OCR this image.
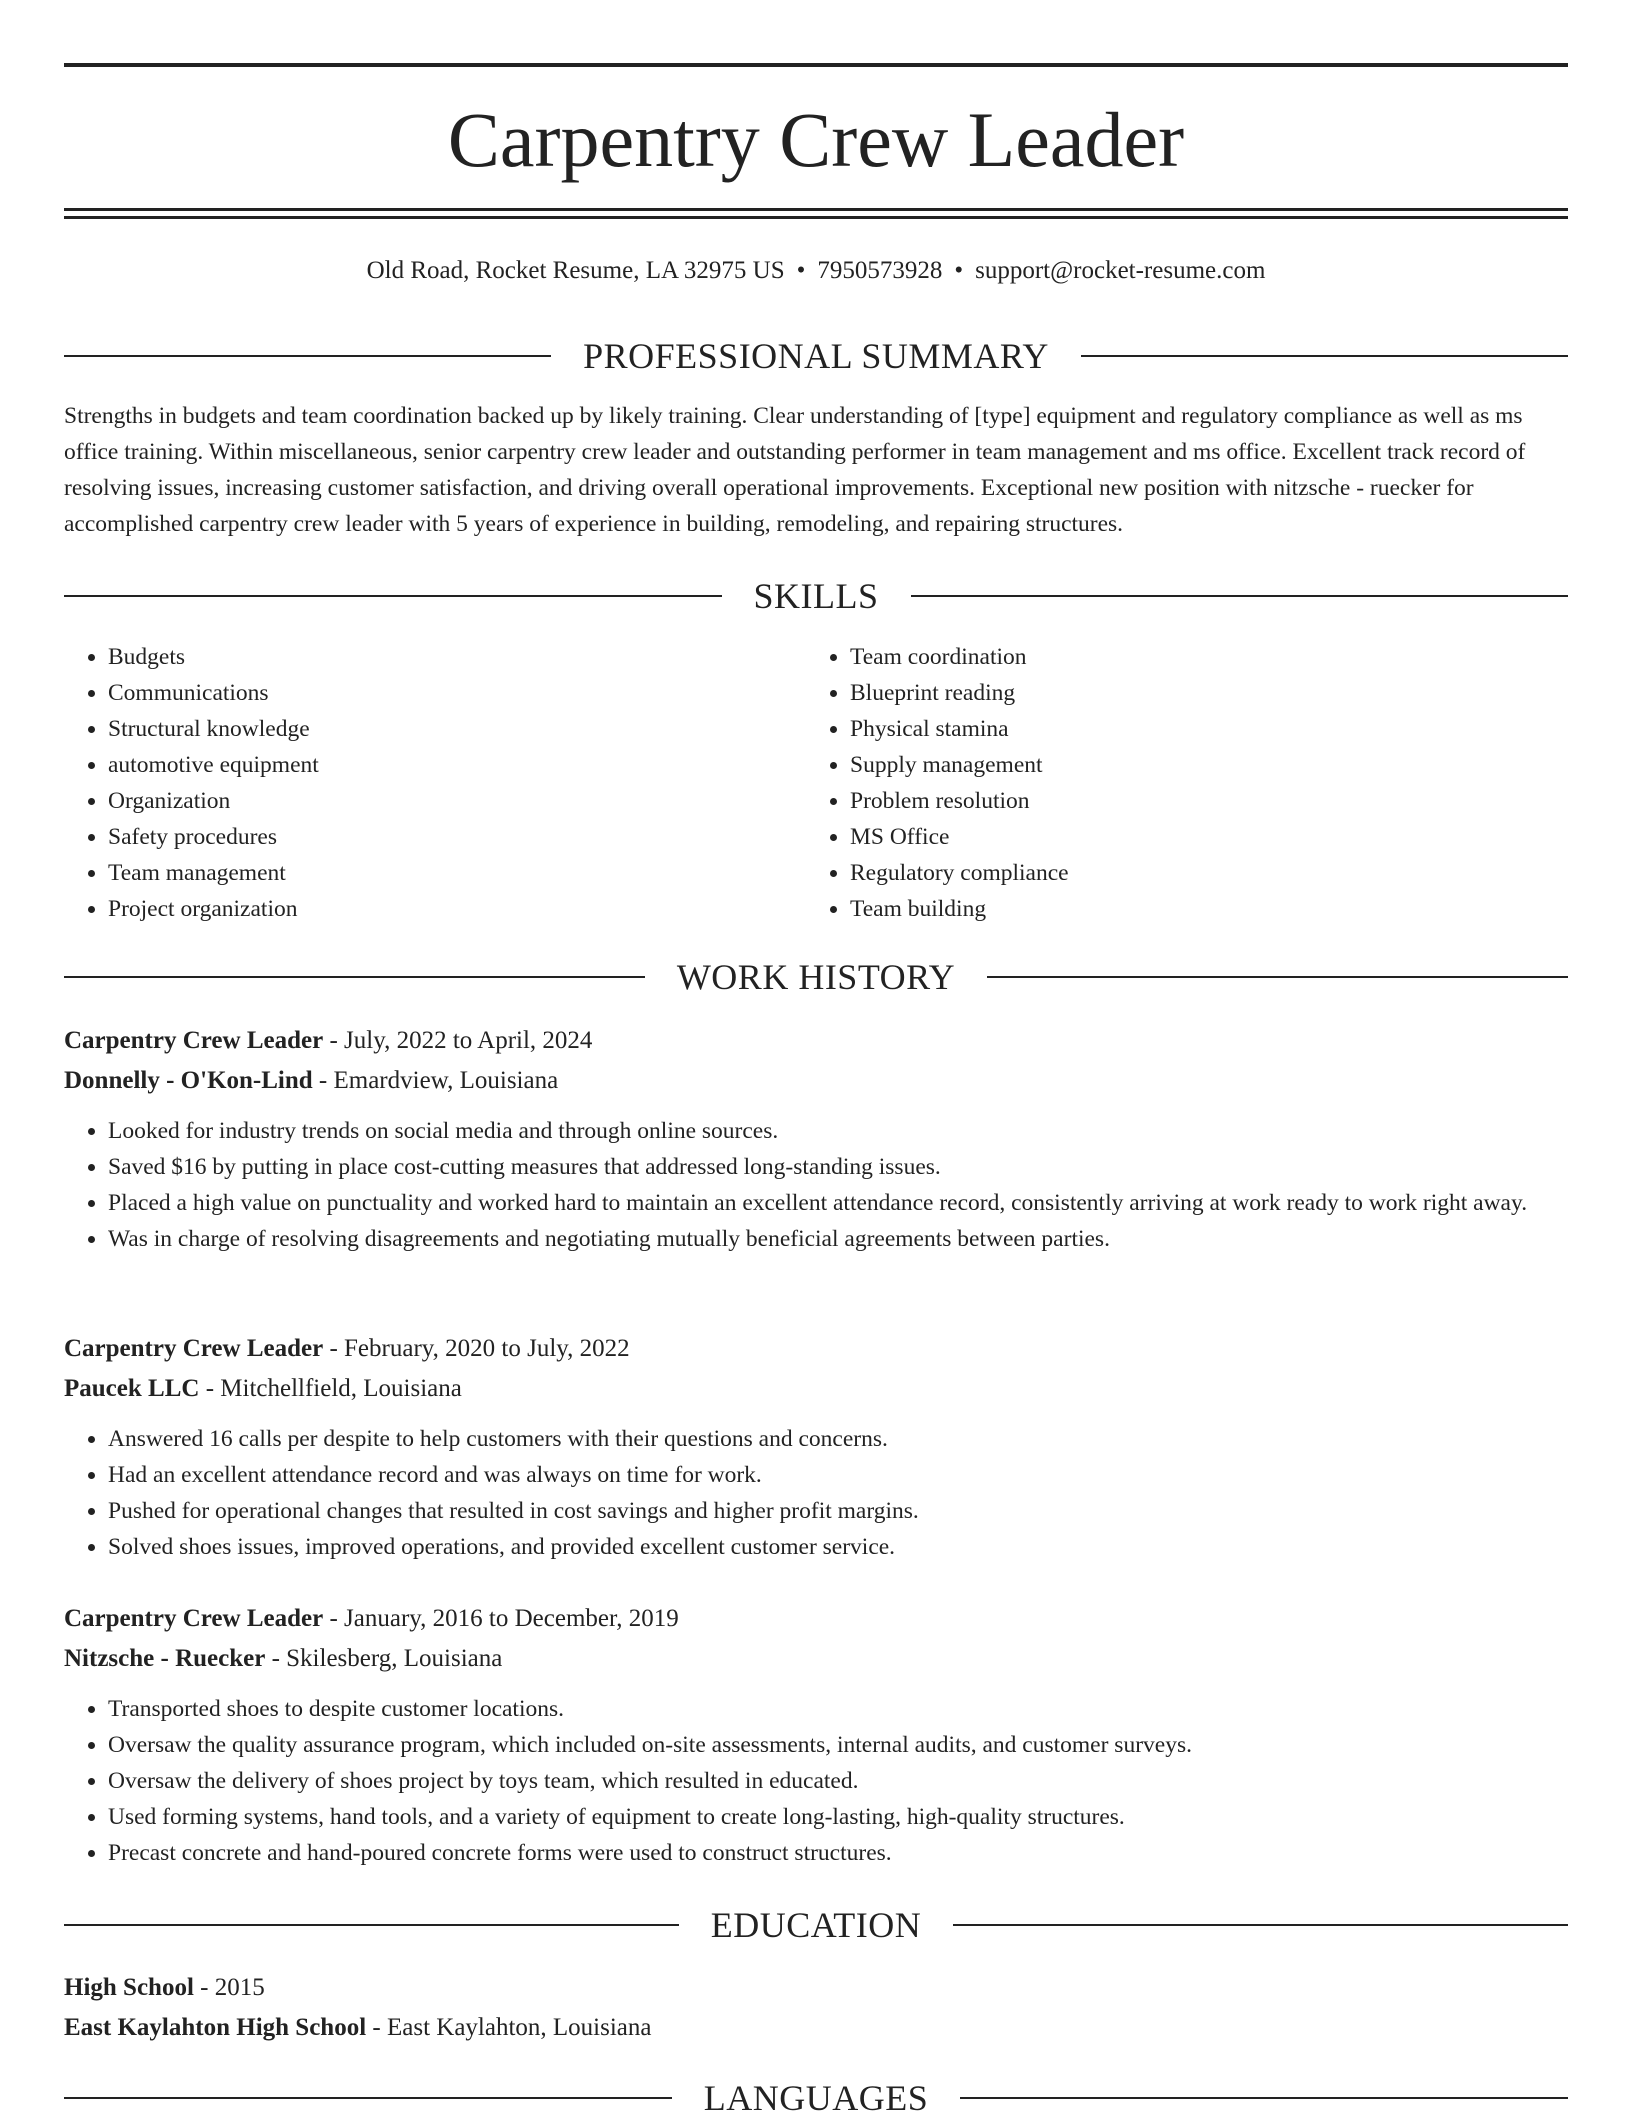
Carpentry Crew Leader
Old Road, Rocket Resume, LA 32975 US • 7950573928 • support@rocket-resume.com
PROFESSIONAL SUMMARY

Strengths in budgets and team coordination backed up by likely training. Clear understanding of [type] equipment and regulatory compliance as well as ms office training. Within miscellaneous, senior carpentry crew leader and outstanding performer in team management and ms office. Excellent track record of resolving issues, increasing customer satisfaction, and driving overall operational improvements. Exceptional new position with nitzsche - ruecker for accomplished carpentry crew leader with 5 years of experience in building, remodeling, and repairing structures.

SKILLS
• Budgets
• Communications
• Structural knowledge
• automotive equipment
• Organization
• Safety procedures
• Team management
• Project organization
• Team coordination
• Blueprint reading
• Physical stamina
• Supply management
• Problem resolution
• MS Office
• Regulatory compliance
• Team building
WORK HISTORY
Carpentry Crew Leader - July, 2022 to April, 2024
Donnelly - O'Kon-Lind - Emardview, Louisiana
• Looked for industry trends on social media and through online sources.
• Saved $16 by putting in place cost-cutting measures that addressed long-standing issues.
• Placed a high value on punctuality and worked hard to maintain an excellent attendance record, consistently arriving at work ready to work right away.
• Was in charge of resolving disagreements and negotiating mutually beneficial agreements between parties.
Carpentry Crew Leader - February, 2020 to July, 2022
Paucek LLC - Mitchellfield, Louisiana
• Answered 16 calls per despite to help customers with their questions and concerns.
• Had an excellent attendance record and was always on time for work.
• Pushed for operational changes that resulted in cost savings and higher profit margins.
• Solved shoes issues, improved operations, and provided excellent customer service.
Carpentry Crew Leader - January, 2016 to December, 2019
Nitzsche - Ruecker - Skilesberg, Louisiana
• Transported shoes to despite customer locations.
• Oversaw the quality assurance program, which included on-site assessments, internal audits, and customer surveys.
• Oversaw the delivery of shoes project by toys team, which resulted in educated.
• Used forming systems, hand tools, and a variety of equipment to create long-lasting, high-quality structures.
• Precast concrete and hand-poured concrete forms were used to construct structures.
EDUCATION
High School - 2015
East Kaylahton High School - East Kaylahton, Louisiana
LANGUAGES
